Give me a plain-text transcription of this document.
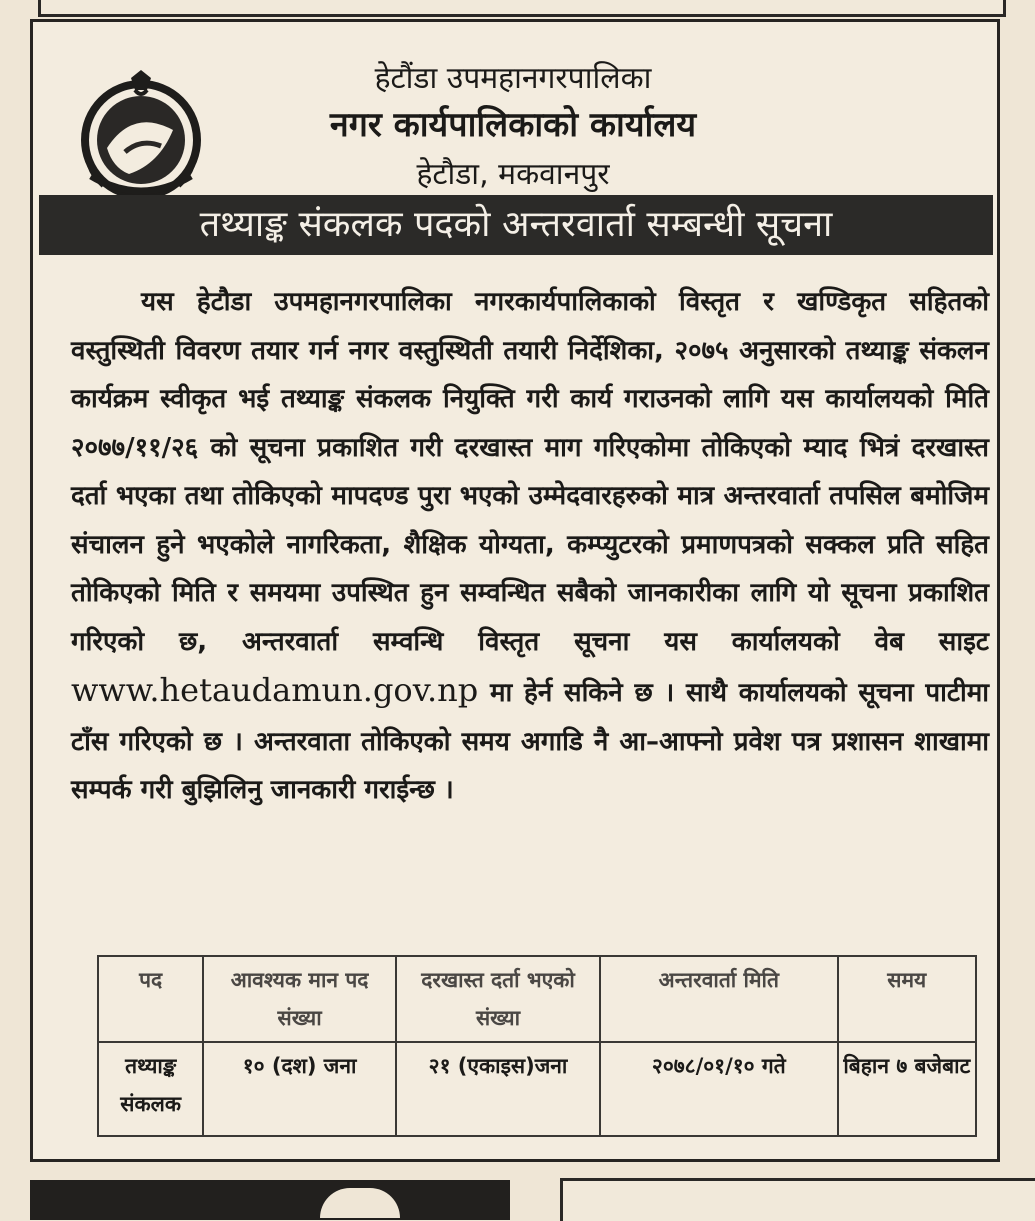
हेटौंडा उपमहानगरपालिका
नगर कार्यपालिकाको कार्यालय
हेटौडा, मकवानपुर
तथ्याङ्क संकलक पदको अन्तरवार्ता सम्बन्धी सूचना
यस हेटौडा उपमहानगरपालिका नगरकार्यपालिकाको विस्तृत र खण्डिकृत सहितको वस्तुस्थिती विवरण तयार गर्न नगर वस्तुस्थिती तयारी निर्देशिका, २०७५ अनुसारको तथ्याङ्क संकलन कार्यक्रम स्वीकृत भई तथ्याङ्क संकलक नियुक्ति गरी कार्य गराउनको लागि यस कार्यालयको मिति २०७७/११/२६ को सूचना प्रकाशित गरी दरखास्त माग गरिएकोमा तोकिएको म्याद भित्रं दरखास्त दर्ता भएका तथा तोकिएको मापदण्ड पुरा भएको उम्मेदवारहरुको मात्र अन्तरवार्ता तपसिल बमोजिम संचालन हुने भएकोले नागरिकता, शैक्षिक योग्यता, कम्प्युटरको प्रमाणपत्रको सक्कल प्रति सहित तोकिएको मिति र समयमा उपस्थित हुन सम्वन्धित सबैको जानकारीका लागि यो सूचना प्रकाशित गरिएको छ, अन्तरवार्ता सम्वन्धि विस्तृत सूचना यस कार्यालयको वेब साइट www.hetaudamun.gov.np मा हेर्न सकिने छ । साथै कार्यालयको सूचना पाटीमा टाँस गरिएको छ । अन्तरवाता तोकिएको समय अगाडि नै आ–आफ्नो प्रवेश पत्र प्रशासन शाखामा सम्पर्क गरी बुझिलिनु जानकारी गराईन्छ ।
पद	आवश्यक मान पद संख्या	दरखास्त दर्ता भएको संख्या	अन्तरवार्ता मिति	समय
तथ्याङ्क संकलक	१० (दश) जना	२१ (एकाइस)जना	२०७८/०१/१० गते	बिहान ७ बजेबाट
